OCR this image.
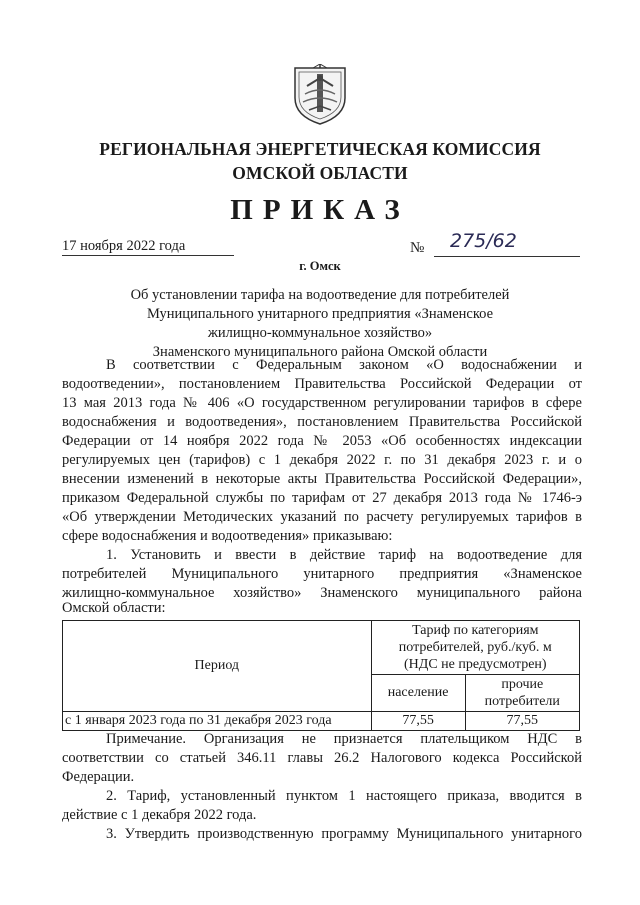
РЕГИОНАЛЬНАЯ ЭНЕРГЕТИЧЕСКАЯ КОМИССИЯ
ОМСКОЙ ОБЛАСТИ
ПРИКАЗ
17 ноября 2022 года	№ 275/62
г. Омск
Об установлении тарифа на водоотведение для потребителей
Муниципального унитарного предприятия «Знаменское
жилищно-коммунальное хозяйство»
Знаменского муниципального района Омской области
В соответствии с Федеральным законом «О водоснабжении и
водоотведении», постановлением Правительства Российской Федерации от
13 мая 2013 года № 406 «О государственном регулировании тарифов в сфере
водоснабжения и водоотведения», постановлением Правительства Российской
Федерации от 14 ноября 2022 года № 2053 «Об особенностях индексации
регулируемых цен (тарифов) с 1 декабря 2022 г. по 31 декабря 2023 г. и о
внесении изменений в некоторые акты Правительства Российской Федерации»,
приказом Федеральной службы по тарифам от 27 декабря 2013 года № 1746-э
«Об утверждении Методических указаний по расчету регулируемых тарифов в
сфере водоснабжения и водоотведения» приказываю:
1. Установить и ввести в действие тариф на водоотведение для
потребителей Муниципального унитарного предприятия «Знаменское
жилищно-коммунальное хозяйство» Знаменского муниципального района
Период	Тариф по категориям
потребителей, руб./куб. м
(НДС не предусмотрен)	

	население	прочие
потребители

с 1 января 2023 года по 31 декабря 2023 года	77,55	77,55
Примечание. Организация не признается плательщиком НДС в
соответствии со статьей 346.11 главы 26.2 Налогового кодекса Российской
Федерации.
2. Тариф, установленный пунктом 1 настоящего приказа, вводится в
действие с 1 декабря 2022 года.
3. Утвердить производственную программу Муниципального унитарного
Омской области:
